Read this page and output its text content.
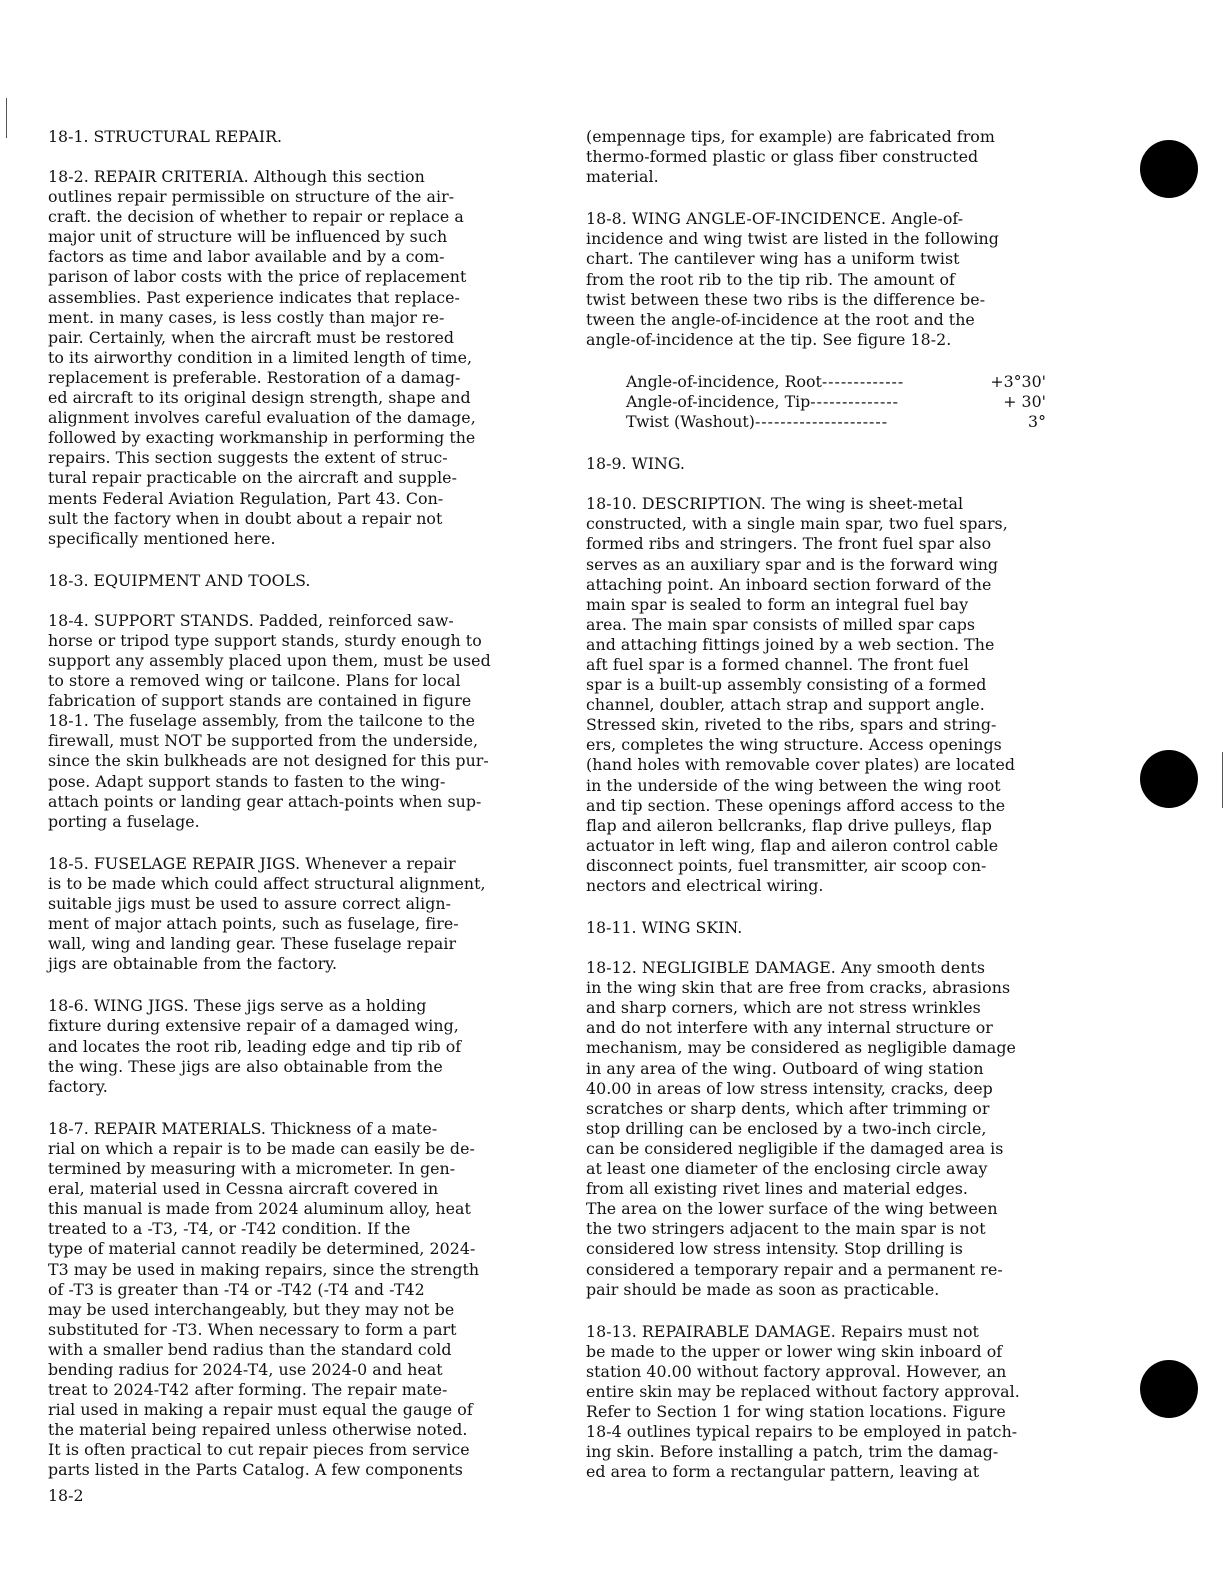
18-1. STRUCTURAL REPAIR.

18-2. REPAIR CRITERIA. Although this section
outlines repair permissible on structure of the air-
craft. the decision of whether to repair or replace a
major unit of structure will be influenced by such
factors as time and labor available and by a com-
parison of labor costs with the price of replacement
assemblies. Past experience indicates that replace-
ment. in many cases, is less costly than major re-
pair. Certainly, when the aircraft must be restored
to its airworthy condition in a limited length of time,
replacement is preferable. Restoration of a damag-
ed aircraft to its original design strength, shape and
alignment involves careful evaluation of the damage,
followed by exacting workmanship in performing the
repairs. This section suggests the extent of struc-
tural repair practicable on the aircraft and supple-
ments Federal Aviation Regulation, Part 43. Con-
sult the factory when in doubt about a repair not
specifically mentioned here.

18-3. EQUIPMENT AND TOOLS.

18-4. SUPPORT STANDS. Padded, reinforced saw-
horse or tripod type support stands, sturdy enough to
support any assembly placed upon them, must be used
to store a removed wing or tailcone. Plans for local
fabrication of support stands are contained in figure
18-1. The fuselage assembly, from the tailcone to the
firewall, must NOT be supported from the underside,
since the skin bulkheads are not designed for this pur-
pose. Adapt support stands to fasten to the wing-
attach points or landing gear attach-points when sup-
porting a fuselage.

18-5. FUSELAGE REPAIR JIGS. Whenever a repair
is to be made which could affect structural alignment,
suitable jigs must be used to assure correct align-
ment of major attach points, such as fuselage, fire-
wall, wing and landing gear. These fuselage repair
jigs are obtainable from the factory.

18-6. WING JIGS. These jigs serve as a holding
fixture during extensive repair of a damaged wing,
and locates the root rib, leading edge and tip rib of
the wing. These jigs are also obtainable from the
factory.

18-7. REPAIR MATERIALS. Thickness of a mate-
rial on which a repair is to be made can easily be de-
termined by measuring with a micrometer. In gen-
eral, material used in Cessna aircraft covered in
this manual is made from 2024 aluminum alloy, heat
treated to a -T3, -T4, or -T42 condition. If the
type of material cannot readily be determined, 2024-
T3 may be used in making repairs, since the strength
of -T3 is greater than -T4 or -T42 (-T4 and -T42
may be used interchangeably, but they may not be
substituted for -T3. When necessary to form a part
with a smaller bend radius than the standard cold
bending radius for 2024-T4, use 2024-0 and heat
treat to 2024-T42 after forming. The repair mate-
rial used in making a repair must equal the gauge of
the material being repaired unless otherwise noted.
It is often practical to cut repair pieces from service
parts listed in the Parts Catalog. A few components

(empennage tips, for example) are fabricated from
thermo-formed plastic or glass fiber constructed
material.

18-8. WING ANGLE-OF-INCIDENCE. Angle-of-
incidence and wing twist are listed in the following
chart. The cantilever wing has a uniform twist
from the root rib to the tip rib. The amount of
twist between these two ribs is the difference be-
tween the angle-of-incidence at the root and the
angle-of-incidence at the tip. See figure 18-2.

Angle-of-incidence, Root -------------	+3°30'
Angle-of-incidence, Tip --------------	+ 30'
Twist (Washout) ---------------------	3°

18-9. WING.

18-10. DESCRIPTION. The wing is sheet-metal
constructed, with a single main spar, two fuel spars,
formed ribs and stringers. The front fuel spar also
serves as an auxiliary spar and is the forward wing
attaching point. An inboard section forward of the
main spar is sealed to form an integral fuel bay
area. The main spar consists of milled spar caps
and attaching fittings joined by a web section. The
aft fuel spar is a formed channel. The front fuel
spar is a built-up assembly consisting of a formed
channel, doubler, attach strap and support angle.
Stressed skin, riveted to the ribs, spars and string-
ers, completes the wing structure. Access openings
(hand holes with removable cover plates) are located
in the underside of the wing between the wing root
and tip section. These openings afford access to the
flap and aileron bellcranks, flap drive pulleys, flap
actuator in left wing, flap and aileron control cable
disconnect points, fuel transmitter, air scoop con-
nectors and electrical wiring.

18-11. WING SKIN.

18-12. NEGLIGIBLE DAMAGE. Any smooth dents
in the wing skin that are free from cracks, abrasions
and sharp corners, which are not stress wrinkles
and do not interfere with any internal structure or
mechanism, may be considered as negligible damage
in any area of the wing. Outboard of wing station
40.00 in areas of low stress intensity, cracks, deep
scratches or sharp dents, which after trimming or
stop drilling can be enclosed by a two-inch circle,
can be considered negligible if the damaged area is
at least one diameter of the enclosing circle away
from all existing rivet lines and material edges.
The area on the lower surface of the wing between
the two stringers adjacent to the main spar is not
considered low stress intensity. Stop drilling is
considered a temporary repair and a permanent re-
pair should be made as soon as practicable.

18-13. REPAIRABLE DAMAGE. Repairs must not
be made to the upper or lower wing skin inboard of
station 40.00 without factory approval. However, an
entire skin may be replaced without factory approval.
Refer to Section 1 for wing station locations. Figure
18-4 outlines typical repairs to be employed in patch-
ing skin. Before installing a patch, trim the damag-
ed area to form a rectangular pattern, leaving at

18-2
